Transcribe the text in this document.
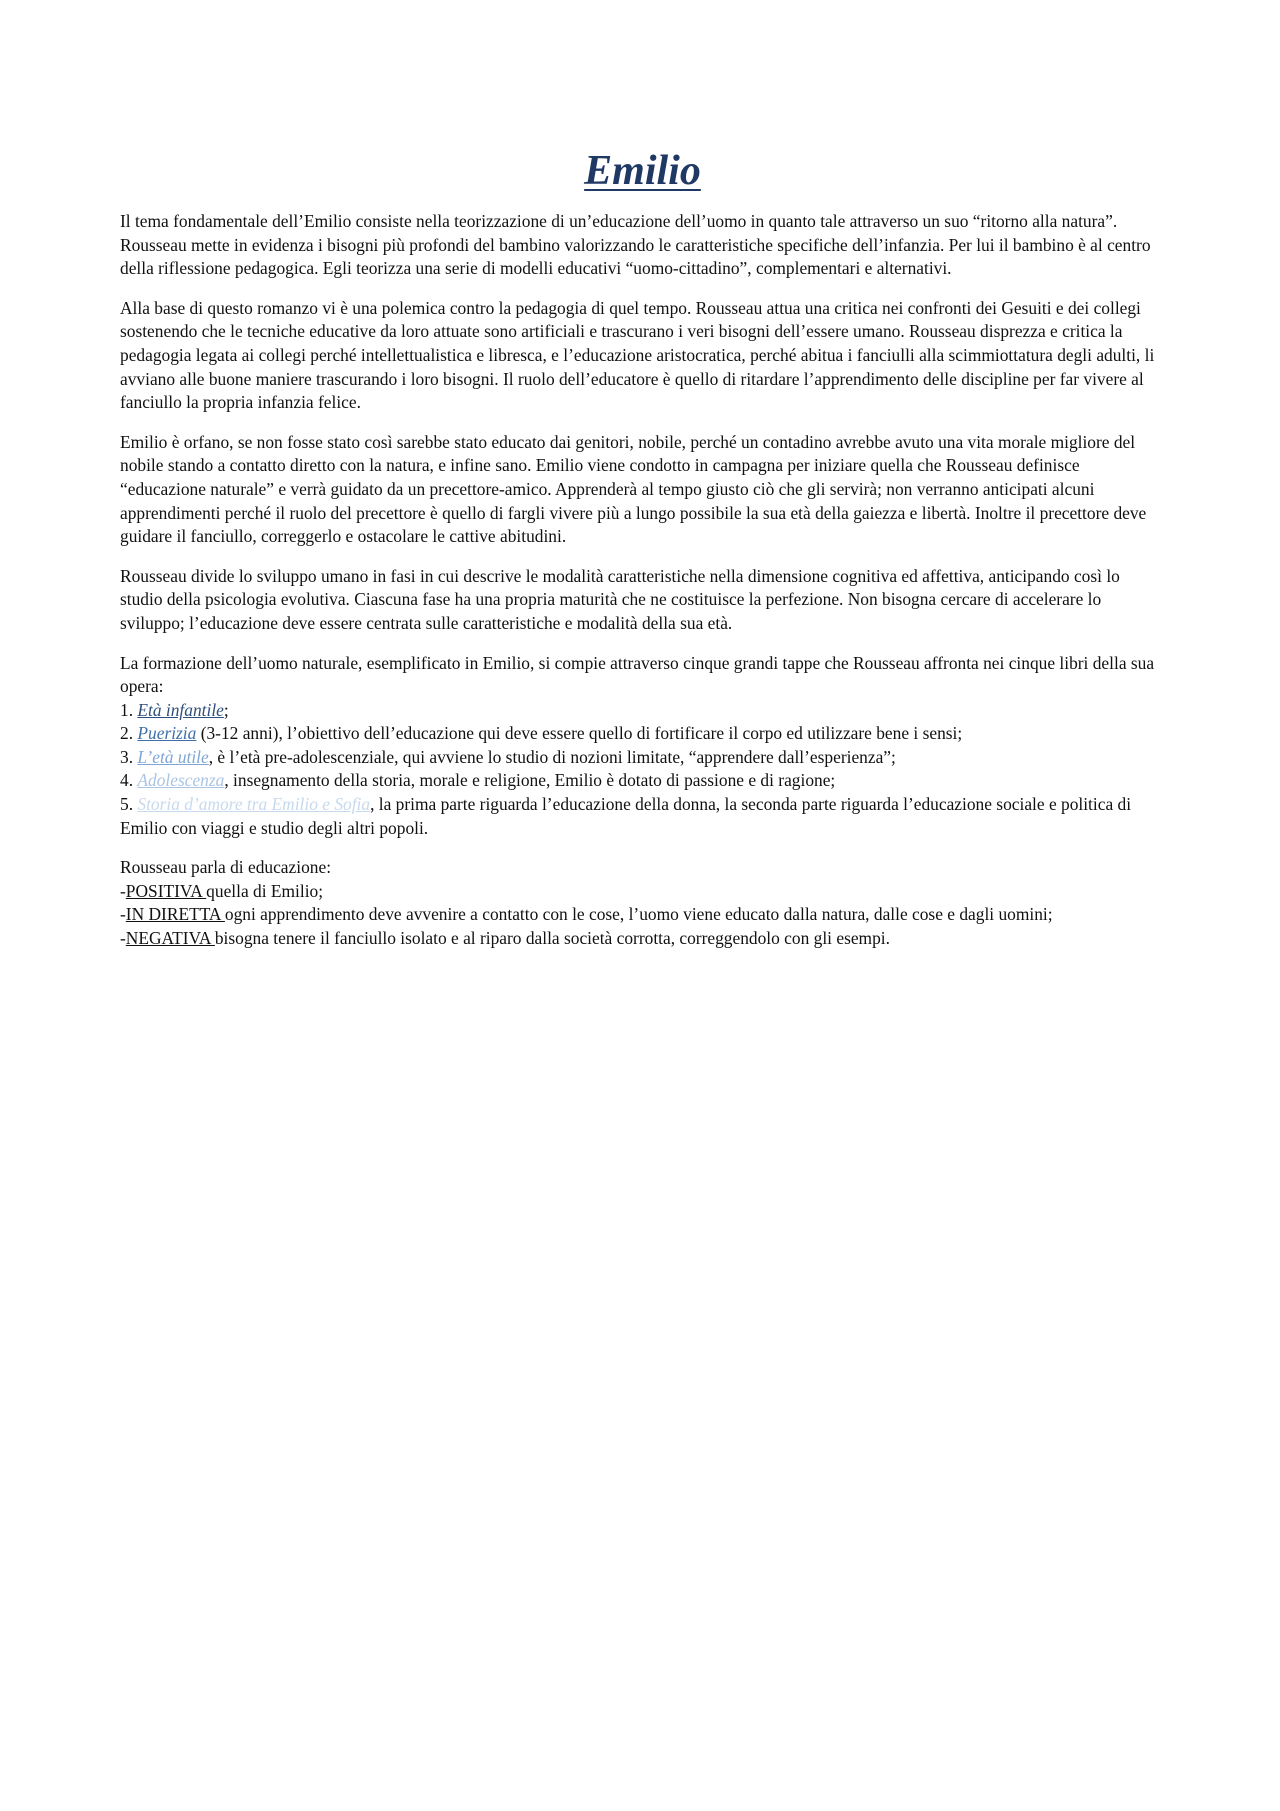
Emilio

Il tema fondamentale dell’Emilio consiste nella teorizzazione di un’educazione dell’uomo in quanto tale attraverso un suo “ritorno alla natura”. Rousseau mette in evidenza i bisogni più profondi del bambino valorizzando le caratteristiche specifiche dell’infanzia. Per lui il bambino è al centro della riflessione pedagogica. Egli teorizza una serie di modelli educativi “uomo-cittadino”, complementari e alternativi.

Alla base di questo romanzo vi è una polemica contro la pedagogia di quel tempo. Rousseau attua una critica nei confronti dei Gesuiti e dei collegi sostenendo che le tecniche educative da loro attuate sono artificiali e trascurano i veri bisogni dell’essere umano. Rousseau disprezza e critica la pedagogia legata ai collegi perché intellettualistica e libresca, e l’educazione aristocratica, perché abitua i fanciulli alla scimmiottatura degli adulti, li avviano alle buone maniere trascurando i loro bisogni. Il ruolo dell’educatore è quello di ritardare l’apprendimento delle discipline per far vivere al fanciullo la propria infanzia felice.

Emilio è orfano, se non fosse stato così sarebbe stato educato dai genitori, nobile, perché un contadino avrebbe avuto una vita morale migliore del nobile stando a contatto diretto con la natura, e infine sano. Emilio viene condotto in campagna per iniziare quella che Rousseau definisce “educazione naturale” e verrà guidato da un precettore-amico. Apprenderà al tempo giusto ciò che gli servirà; non verranno anticipati alcuni apprendimenti perché il ruolo del precettore è quello di fargli vivere più a lungo possibile la sua età della gaiezza e libertà. Inoltre il precettore deve guidare il fanciullo, correggerlo e ostacolare le cattive abitudini.

Rousseau divide lo sviluppo umano in fasi in cui descrive le modalità caratteristiche nella dimensione cognitiva ed affettiva, anticipando così lo studio della psicologia evolutiva. Ciascuna fase ha una propria maturità che ne costituisce la perfezione. Non bisogna cercare di accelerare lo sviluppo; l’educazione deve essere centrata sulle caratteristiche e modalità della sua età.

La formazione dell’uomo naturale, esemplificato in Emilio, si compie attraverso cinque grandi tappe che Rousseau affronta nei cinque libri della sua opera:
1. Età infantile;
2. Puerizia (3-12 anni), l’obiettivo dell’educazione qui deve essere quello di fortificare il corpo ed utilizzare bene i sensi;
3. L’età utile, è l’età pre-adolescenziale, qui avviene lo studio di nozioni limitate, “apprendere dall’esperienza”;
4. Adolescenza, insegnamento della storia, morale e religione, Emilio è dotato di passione e di ragione;
5. Storia d’amore tra Emilio e Sofia, la prima parte riguarda l’educazione della donna, la seconda parte riguarda l’educazione sociale e politica di Emilio con viaggi e studio degli altri popoli.

Rousseau parla di educazione:
-POSITIVA quella di Emilio;
-IN DIRETTA ogni apprendimento deve avvenire a contatto con le cose, l’uomo viene educato dalla natura, dalle cose e dagli uomini;
-NEGATIVA bisogna tenere il fanciullo isolato e al riparo dalla società corrotta, correggendolo con gli esempi.
